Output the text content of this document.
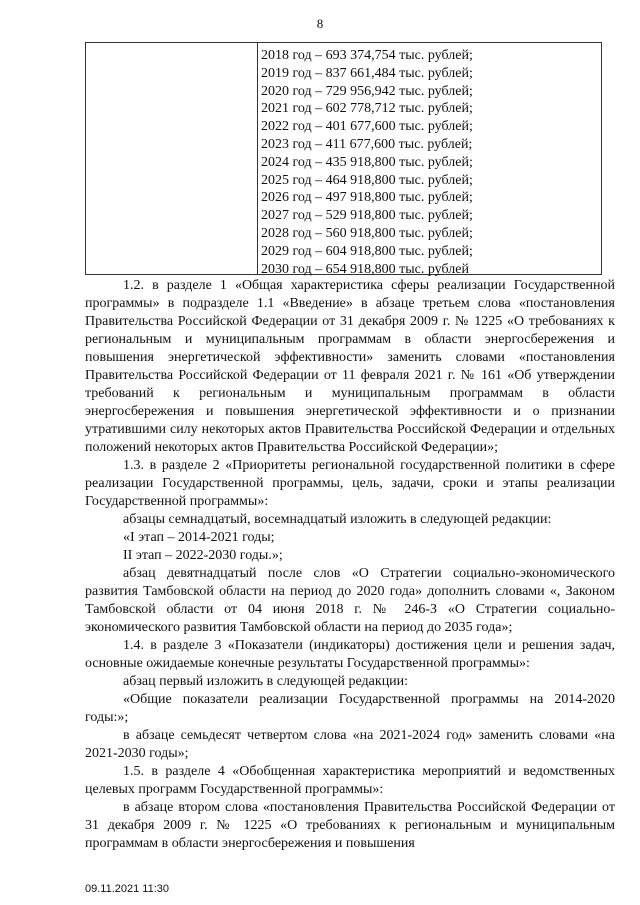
8
2018 год – 693 374,754 тыс. рублей;
2019 год – 837 661,484 тыс. рублей;
2020 год – 729 956,942 тыс. рублей;
2021 год – 602 778,712 тыс. рублей;
2022 год – 401 677,600 тыс. рублей;
2023 год – 411 677,600 тыс. рублей;
2024 год – 435 918,800 тыс. рублей;
2025 год – 464 918,800 тыс. рублей;
2026 год – 497 918,800 тыс. рублей;
2027 год – 529 918,800 тыс. рублей;
2028 год – 560 918,800 тыс. рублей;
2029 год – 604 918,800 тыс. рублей;
2030 год – 654 918,800 тыс. рублей

1.2. в разделе 1 «Общая характеристика сферы реализации Государственной программы» в подразделе 1.1 «Введение» в абзаце третьем слова «постановления Правительства Российской Федерации от 31 декабря 2009 г. № 1225 «О требованиях к региональным и муниципальным программам в области энергосбережения и повышения энергетической эффективности» заменить словами «постановления Правительства Российской Федерации от 11 февраля 2021 г. № 161 «Об утверждении требований к региональным и муниципальным программам в области энергосбережения и повышения энергетической эффективности и о признании утратившими силу некоторых актов Правительства Российской Федерации и отдельных положений некоторых актов Правительства Российской Федерации»;

1.3. в разделе 2 «Приоритеты региональной государственной политики в сфере реализации Государственной программы, цель, задачи, сроки и этапы реализации Государственной программы»:

абзацы семнадцатый, восемнадцатый изложить в следующей редакции:

«I этап – 2014-2021 годы;

II этап – 2022-2030 годы.»;

абзац девятнадцатый после слов «О Стратегии социально-экономического развития Тамбовской области на период до 2020 года» дополнить словами «, Законом Тамбовской области от 04 июня 2018 г. № 246-З «О Стратегии социально-экономического развития Тамбовской области на период до 2035 года»;

1.4. в разделе 3 «Показатели (индикаторы) достижения цели и решения задач, основные ожидаемые конечные результаты Государственной программы»:

абзац первый изложить в следующей редакции:

«Общие показатели реализации Государственной программы на 2014-2020 годы:»;

в абзаце семьдесят четвертом слова «на 2021-2024 год» заменить словами «на 2021-2030 годы»;

1.5. в разделе 4 «Обобщенная характеристика мероприятий и ведомственных целевых программ Государственной программы»:

в абзаце втором слова «постановления Правительства Российской Федерации от 31 декабря 2009 г. № 1225 «О требованиях к региональным и муниципальным программам в области энергосбережения и повышения

09.11.2021 11:30
